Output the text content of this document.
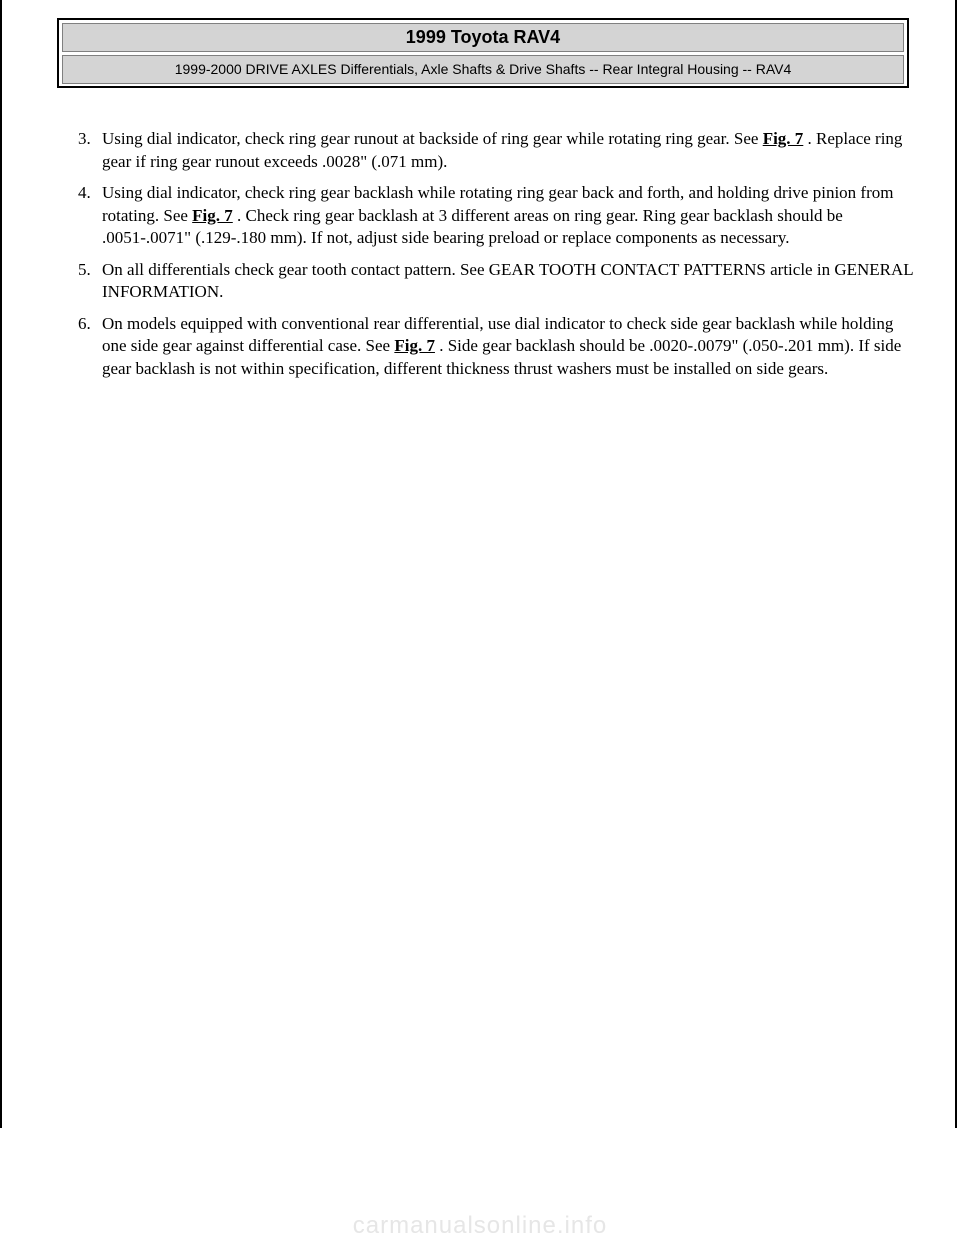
1999 Toyota RAV4
1999-2000 DRIVE AXLES Differentials, Axle Shafts & Drive Shafts -- Rear Integral Housing -- RAV4
3. Using dial indicator, check ring gear runout at backside of ring gear while rotating ring gear. See Fig. 7 . Replace ring gear if ring gear runout exceeds .0028" (.071 mm).
4. Using dial indicator, check ring gear backlash while rotating ring gear back and forth, and holding drive pinion from rotating. See Fig. 7 . Check ring gear backlash at 3 different areas on ring gear. Ring gear backlash should be .0051-.0071" (.129-.180 mm). If not, adjust side bearing preload or replace components as necessary.
5. On all differentials check gear tooth contact pattern. See GEAR TOOTH CONTACT PATTERNS article in GENERAL INFORMATION.
6. On models equipped with conventional rear differential, use dial indicator to check side gear backlash while holding one side gear against differential case. See Fig. 7 . Side gear backlash should be .0020-.0079" (.050-.201 mm). If side gear backlash is not within specification, different thickness thrust washers must be installed on side gears.
carmanualsonline.info
